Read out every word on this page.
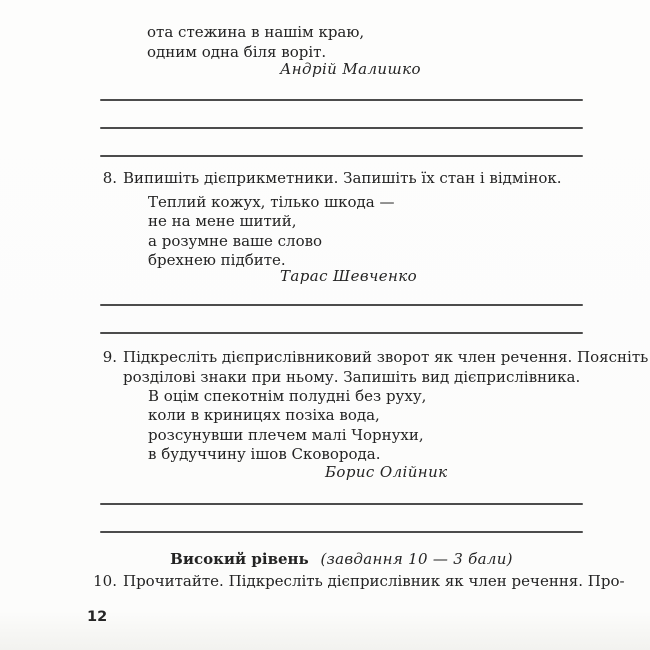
ота стежина в нашім краю,
одним одна біля воріт.
Андрій Малишко
8. Випишіть дієприкметники. Запишіть їх стан і відмінок.
Теплий кожух, тілько шкода —
не на мене шитий,
а розумне ваше слово
брехнею підбите.
Тарас Шевченко
9. Підкресліть дієприслівниковий зворот як член речення. Поясніть
розділові знаки при ньому. Запишіть вид дієприслівника.
В оцім спекотнім полудні без руху,
коли в криницях позіха вода,
розсунувши плечем малі Чорнухи,
в будуччину ішов Сковорода.
Борис Олійник
Високий рівень (завдання 10 — 3 бали)
10. Прочитайте. Підкресліть дієприслівник як член речення. Про-
12
